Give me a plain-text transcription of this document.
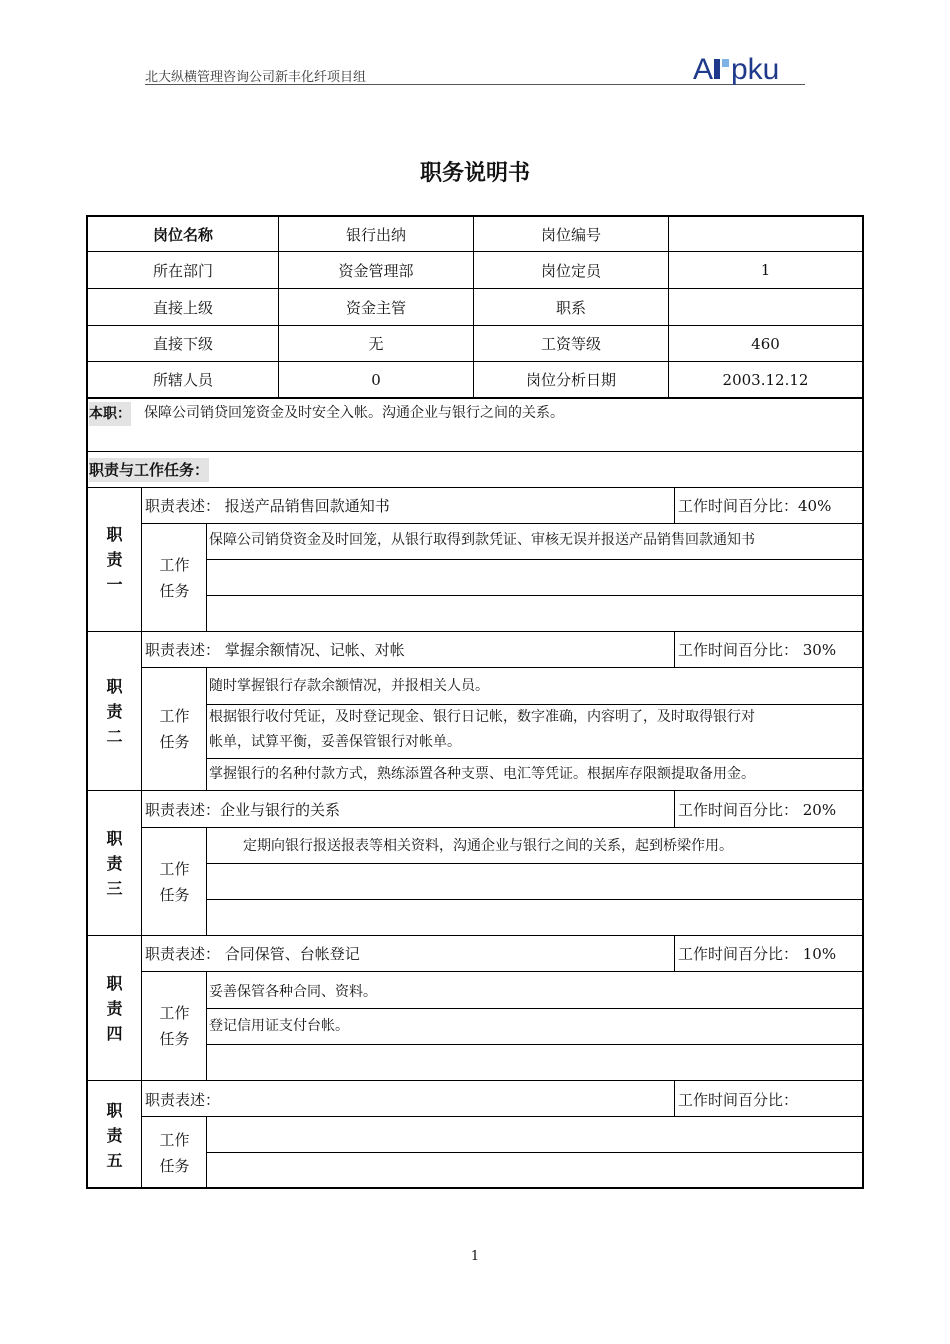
北大纵横管理咨询公司新丰化纤项目组	A pku
职务说明书
岗位名称	银行出纳	岗位编号
所在部门	资金管理部	岗位定员	1
直接上级	资金主管	职系
直接下级	无	工资等级	460
所辖人员	0	岗位分析日期	2003.12.12
本职： 保障公司销贷回笼资金及时安全入帐。沟通企业与银行之间的关系。
职责与工作任务：
职
责
一
职责表述： 报送产品销售回款通知书	工作时间百分比：40%
工作
任务
保障公司销贷资金及时回笼，从银行取得到款凭证、审核无误并报送产品销售回款通知书
职
责
二
职责表述： 掌握余额情况、记帐、对帐	工作时间百分比： 30%
工作
任务
随时掌握银行存款余额情况，并报相关人员。
根据银行收付凭证，及时登记现金、银行日记帐，数字准确，内容明了，及时取得银行对
帐单，试算平衡，妥善保管银行对帐单。
掌握银行的名种付款方式，熟练添置各种支票、电汇等凭证。根据库存限额提取备用金。
职
责
三
职责表述：企业与银行的关系	工作时间百分比： 20%
工作
任务
定期向银行报送报表等相关资料，沟通企业与银行之间的关系，起到桥梁作用。
职
责
四
职责表述： 合同保管、台帐登记	工作时间百分比： 10%
工作
任务
妥善保管各种合同、资料。
登记信用证支付台帐。
职
责
五
职责表述：	工作时间百分比：
工作
任务
1
